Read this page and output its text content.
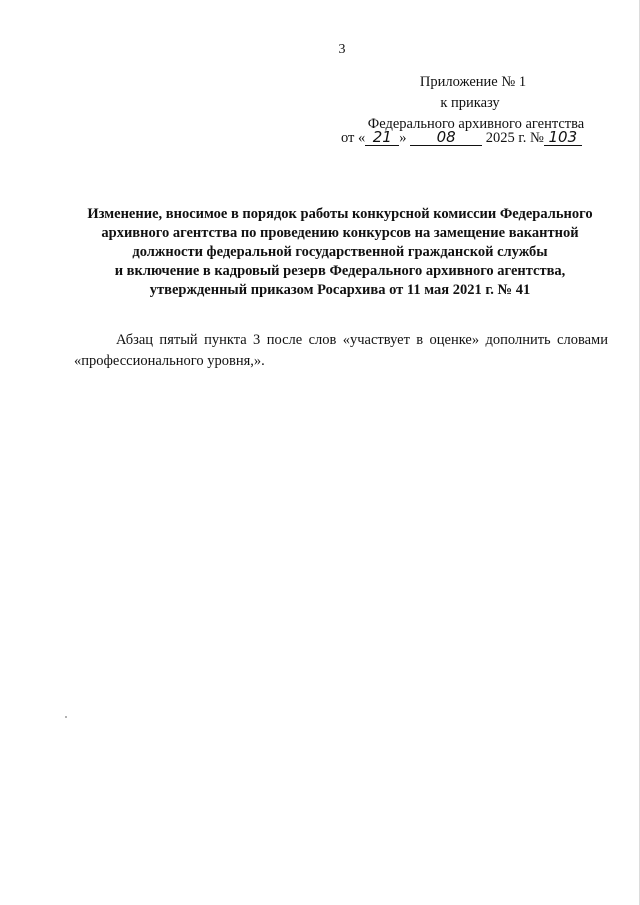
3
Приложение № 1
к приказу
Федерального архивного агентства
от « 21 » 08 2025 г. № 103
Изменение, вносимое в порядок работы конкурсной комиссии Федерального
архивного агентства по проведению конкурсов на замещение вакантной
должности федеральной государственной гражданской службы
и включение в кадровый резерв Федерального архивного агентства,
утвержденный приказом Росархива от 11 мая 2021 г. № 41
Абзац пятый пункта 3 после слов «участвует в оценке» дополнить словами
«профессионального уровня,».
